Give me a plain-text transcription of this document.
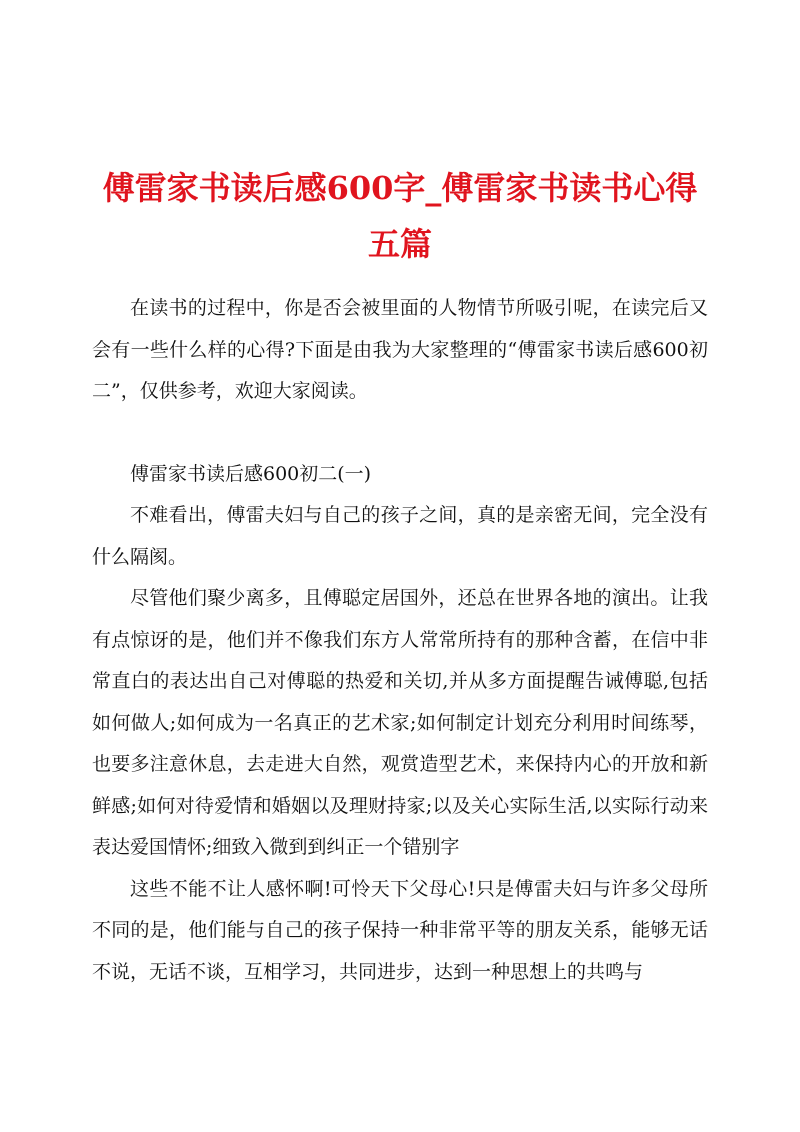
傅雷家书读后感600字_傅雷家书读书心得五篇

在读书的过程中，你是否会被里面的人物情节所吸引呢，在读完后又会有一些什么样的心得?下面是由我为大家整理的“傅雷家书读后感600初二”，仅供参考，欢迎大家阅读。

傅雷家书读后感600初二(一)

不难看出，傅雷夫妇与自己的孩子之间，真的是亲密无间，完全没有什么隔阂。

尽管他们聚少离多，且傅聪定居国外，还总在世界各地的演出。让我有点惊讶的是，他们并不像我们东方人常常所持有的那种含蓄，在信中非常直白的表达出自己对傅聪的热爱和关切,并从多方面提醒告诫傅聪,包括如何做人;如何成为一名真正的艺术家;如何制定计划充分利用时间练琴，也要多注意休息，去走进大自然，观赏造型艺术，来保持内心的开放和新鲜感;如何对待爱情和婚姻以及理财持家;以及关心实际生活,以实际行动来表达爱国情怀;细致入微到到纠正一个错别字

这些不能不让人感怀啊!可怜天下父母心!只是傅雷夫妇与许多父母所不同的是，他们能与自己的孩子保持一种非常平等的朋友关系，能够无话不说，无话不谈，互相学习，共同进步，达到一种思想上的共鸣与
